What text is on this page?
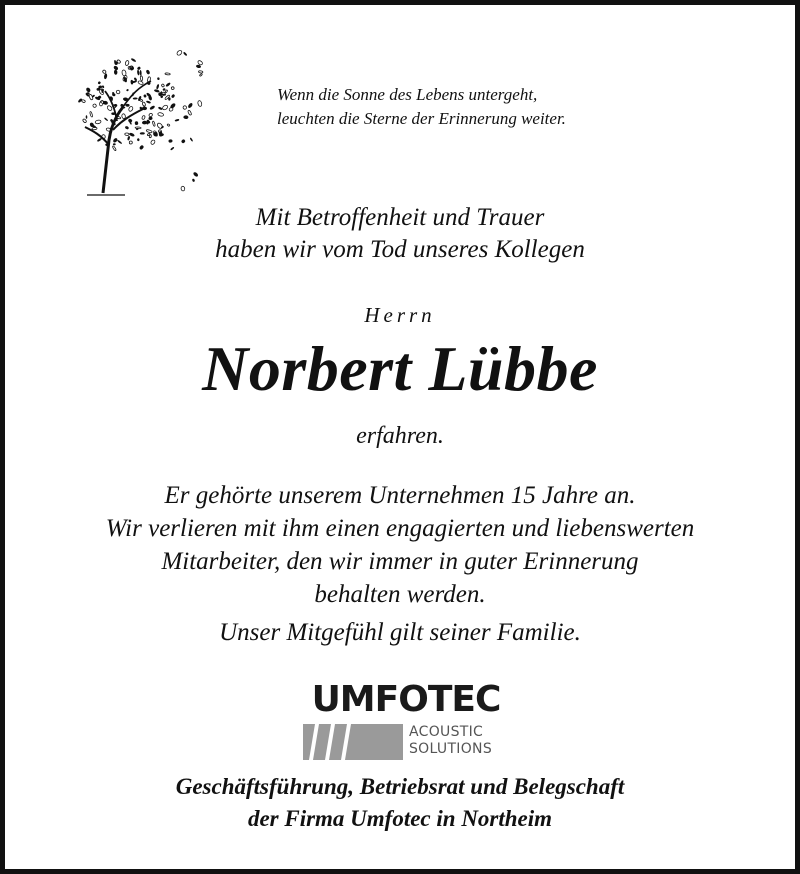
Wenn die Sonne des Lebens untergeht,
leuchten die Sterne der Erinnerung weiter.
Mit Betroffenheit und Trauer
haben wir vom Tod unseres Kollegen
Herrn
Norbert Lübbe
erfahren.
Er gehörte unserem Unternehmen 15 Jahre an.
Wir verlieren mit ihm einen engagierten und liebenswerten
Mitarbeiter, den wir immer in guter Erinnerung
behalten werden.
Unser Mitgefühl gilt seiner Familie.
UMFOTEC
ACOUSTIC
SOLUTIONS
Geschäftsführung, Betriebsrat und Belegschaft
der Firma Umfotec in Northeim
